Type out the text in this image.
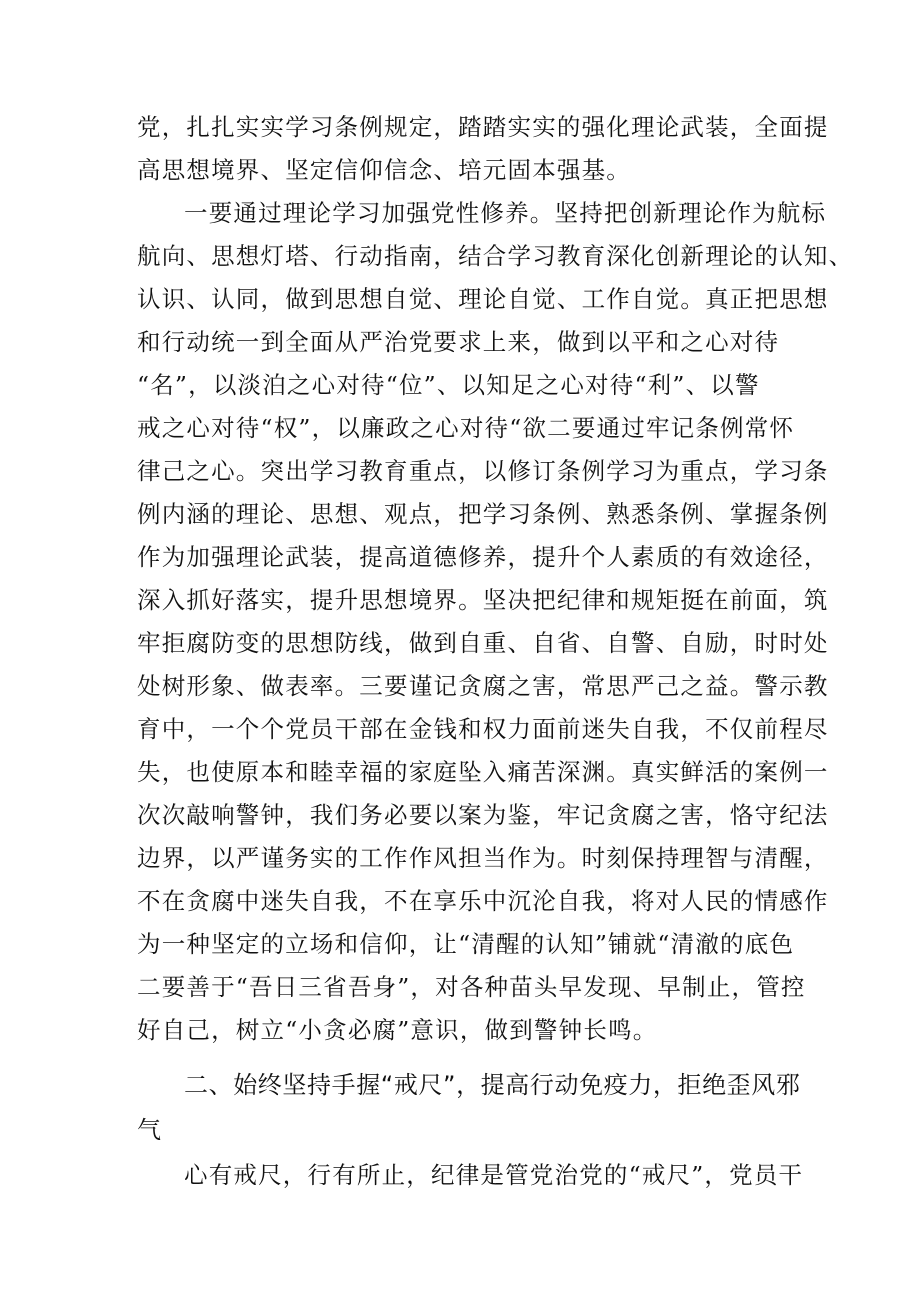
党，扎扎实实学习条例规定，踏踏实实的强化理论武装，全面提
高思想境界、坚定信仰信念、培元固本强基。
一要通过理论学习加强党性修养。坚持把创新理论作为航标
航向、思想灯塔、行动指南，结合学习教育深化创新理论的认知、
认识、认同，做到思想自觉、理论自觉、工作自觉。真正把思想
和行动统一到全面从严治党要求上来，做到以平和之心对待
“名”，以淡泊之心对待“位”、以知足之心对待“利”、以警
戒之心对待“权”，以廉政之心对待“欲二要通过牢记条例常怀
律己之心。突出学习教育重点，以修订条例学习为重点，学习条
例内涵的理论、思想、观点，把学习条例、熟悉条例、掌握条例
作为加强理论武装，提高道德修养，提升个人素质的有效途径，
深入抓好落实，提升思想境界。坚决把纪律和规矩挺在前面，筑
牢拒腐防变的思想防线，做到自重、自省、自警、自励，时时处
处树形象、做表率。三要谨记贪腐之害，常思严己之益。警示教
育中，一个个党员干部在金钱和权力面前迷失自我，不仅前程尽
失，也使原本和睦幸福的家庭坠入痛苦深渊。真实鲜活的案例一
次次敲响警钟，我们务必要以案为鉴，牢记贪腐之害，恪守纪法
边界，以严谨务实的工作作风担当作为。时刻保持理智与清醒，
不在贪腐中迷失自我，不在享乐中沉沦自我，将对人民的情感作
为一种坚定的立场和信仰，让“清醒的认知”铺就“清澈的底色
二要善于“吾日三省吾身”，对各种苗头早发现、早制止，管控
好自己，树立“小贪必腐”意识，做到警钟长鸣。
二、始终坚持手握“戒尺”，提高行动免疫力，拒绝歪风邪
气
心有戒尺，行有所止，纪律是管党治党的“戒尺”，党员干
